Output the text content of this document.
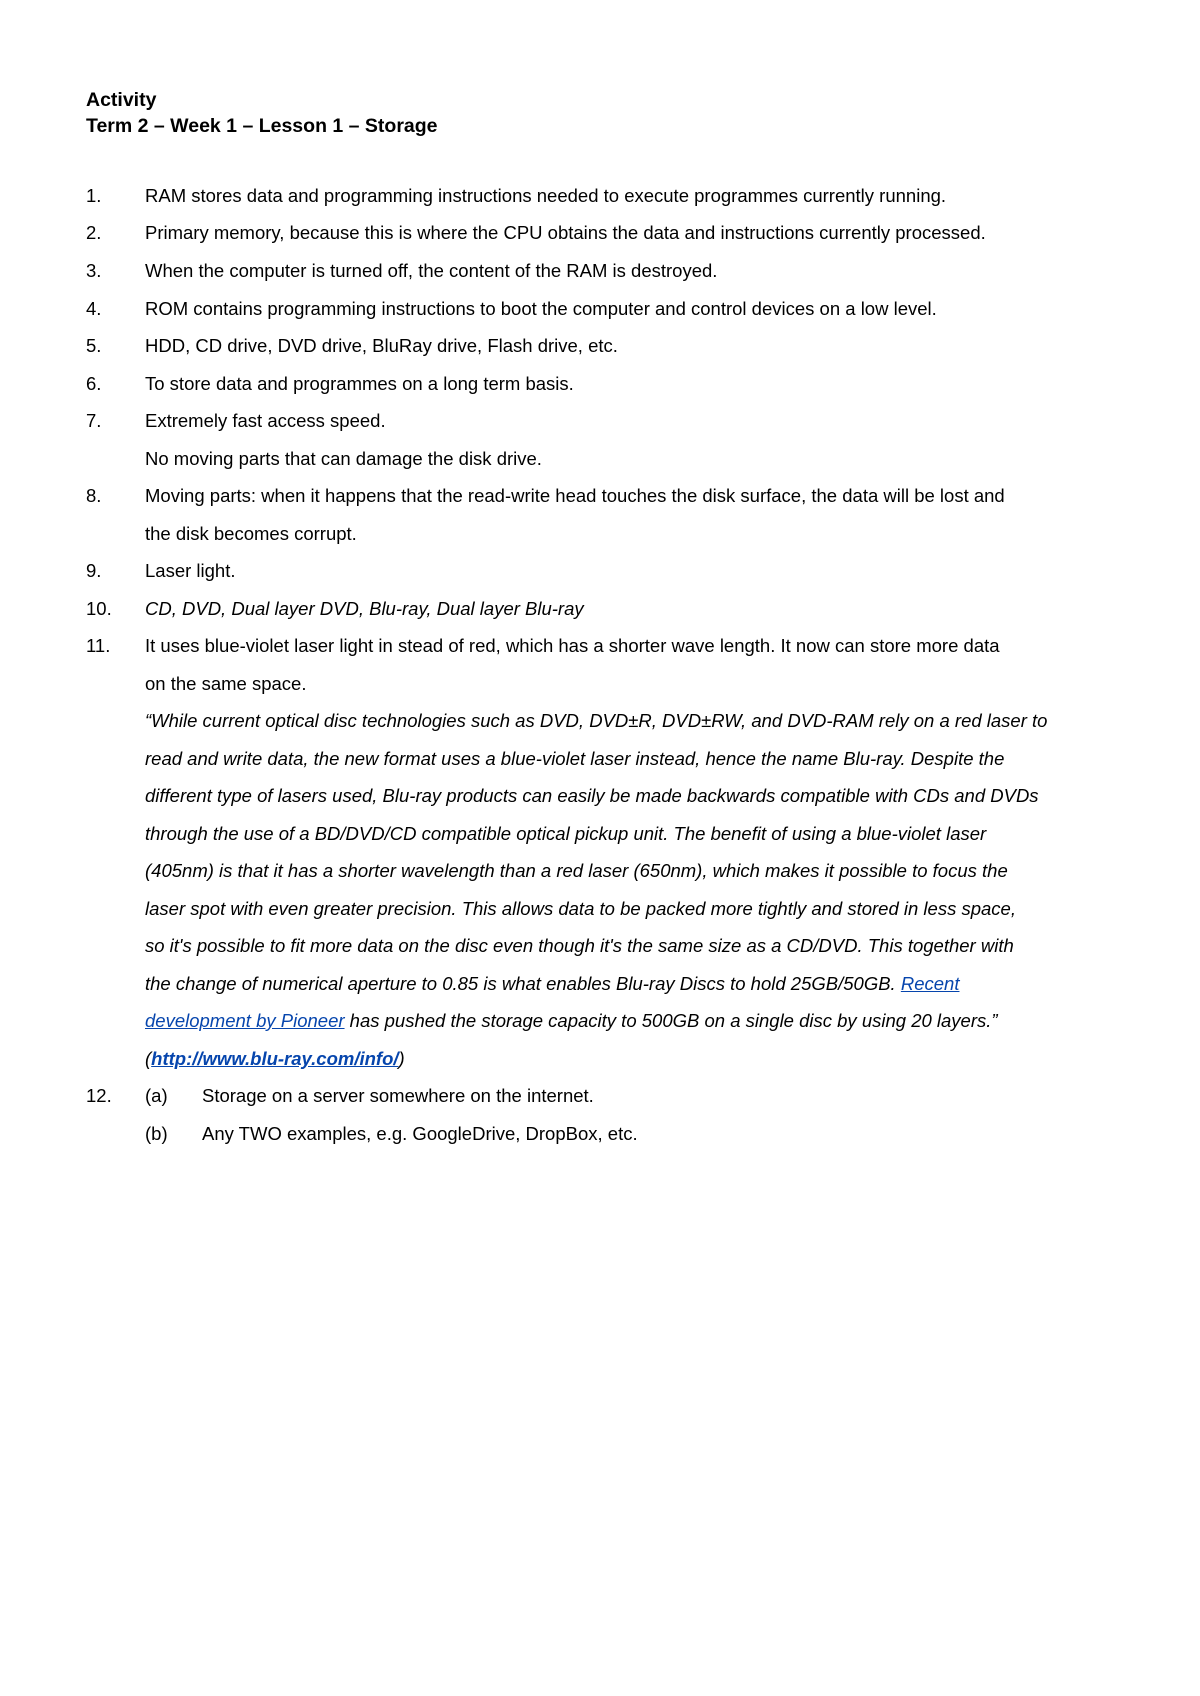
Activity
Term 2 – Week 1 – Lesson 1 – Storage
1.	RAM stores data and programming instructions needed to execute programmes currently running.
2.	Primary memory, because this is where the CPU obtains the data and instructions currently processed.
3.	When the computer is turned off, the content of the RAM is destroyed.
4.	ROM contains programming instructions to boot the computer and control devices on a low level.
5.	HDD, CD drive, DVD drive, BluRay drive, Flash drive, etc.
6.	To store data and programmes on a long term basis.
7.	Extremely fast access speed.
No moving parts that can damage the disk drive.
8.	Moving parts: when it happens that the read-write head touches the disk surface, the data will be lost and
the disk becomes corrupt.
9.	Laser light.
10.	CD, DVD, Dual layer DVD, Blu-ray, Dual layer Blu-ray
11.	It uses blue-violet laser light in stead of red, which has a shorter wave length. It now can store more data
on the same space.
“While current optical disc technologies such as DVD, DVD±R, DVD±RW, and DVD-RAM rely on a red laser to
read and write data, the new format uses a blue-violet laser instead, hence the name Blu-ray. Despite the
different type of lasers used, Blu-ray products can easily be made backwards compatible with CDs and DVDs
through the use of a BD/DVD/CD compatible optical pickup unit. The benefit of using a blue-violet laser
(405nm) is that it has a shorter wavelength than a red laser (650nm), which makes it possible to focus the
laser spot with even greater precision. This allows data to be packed more tightly and stored in less space,
so it's possible to fit more data on the disc even though it's the same size as a CD/DVD. This together with
the change of numerical aperture to 0.85 is what enables Blu-ray Discs to hold 25GB/50GB. Recent
development by Pioneer has pushed the storage capacity to 500GB on a single disc by using 20 layers.”
(http://www.blu-ray.com/info/)
12.	(a) Storage on a server somewhere on the internet.
(b) Any TWO examples, e.g. GoogleDrive, DropBox, etc.
